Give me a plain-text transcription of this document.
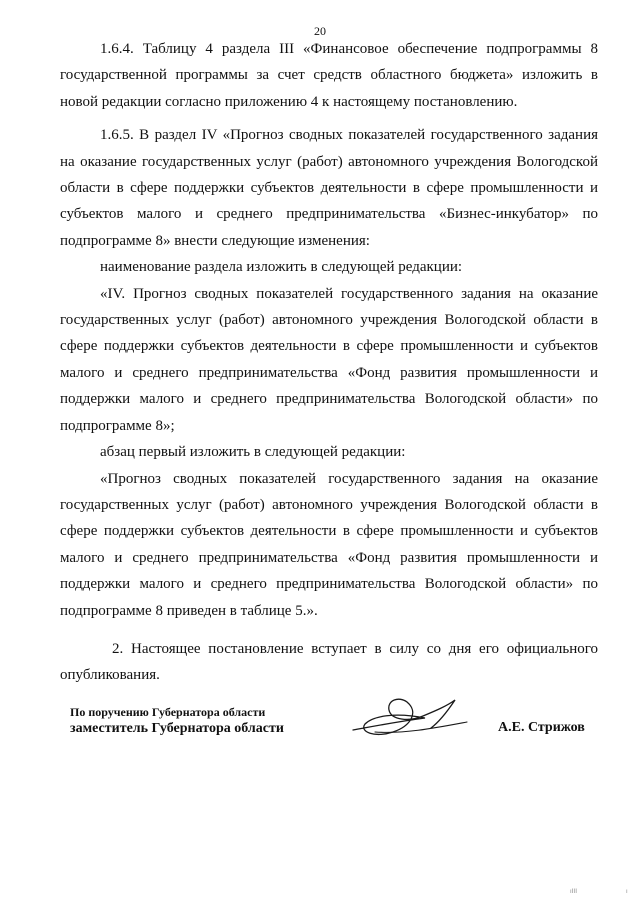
20

1.6.4. Таблицу 4 раздела III «Финансовое обеспечение подпрограммы 8 государственной программы за счет средств областного бюджета» изложить в новой редакции согласно приложению 4 к настоящему постановлению.

1.6.5. В раздел IV «Прогноз сводных показателей государственного задания на оказание государственных услуг (работ) автономного учреждения Вологодской области в сфере поддержки субъектов деятельности в сфере промышленности и субъектов малого и среднего предпринимательства «Бизнес-инкубатор» по подпрограмме 8» внести следующие изменения:

наименование раздела изложить в следующей редакции:

«IV. Прогноз сводных показателей государственного задания на оказание государственных услуг (работ) автономного учреждения Вологодской области в сфере поддержки субъектов деятельности в сфере промышленности и субъектов малого и среднего предпринимательства «Фонд развития промышленности и поддержки малого и среднего предпринимательства Вологодской области» по подпрограмме 8»;

абзац первый изложить в следующей редакции:

«Прогноз сводных показателей государственного задания на оказание государственных услуг (работ) автономного учреждения Вологодской области в сфере поддержки субъектов деятельности в сфере промышленности и субъектов малого и среднего предпринимательства «Фонд развития промышленности и поддержки малого и среднего предпринимательства Вологодской области» по подпрограмме 8 приведен в таблице 5.».

2. Настоящее постановление вступает в силу со дня его официального опубликования.

По поручению Губернатора области
заместитель Губернатора области	А.Е. Стрижов
ıIII	ı
